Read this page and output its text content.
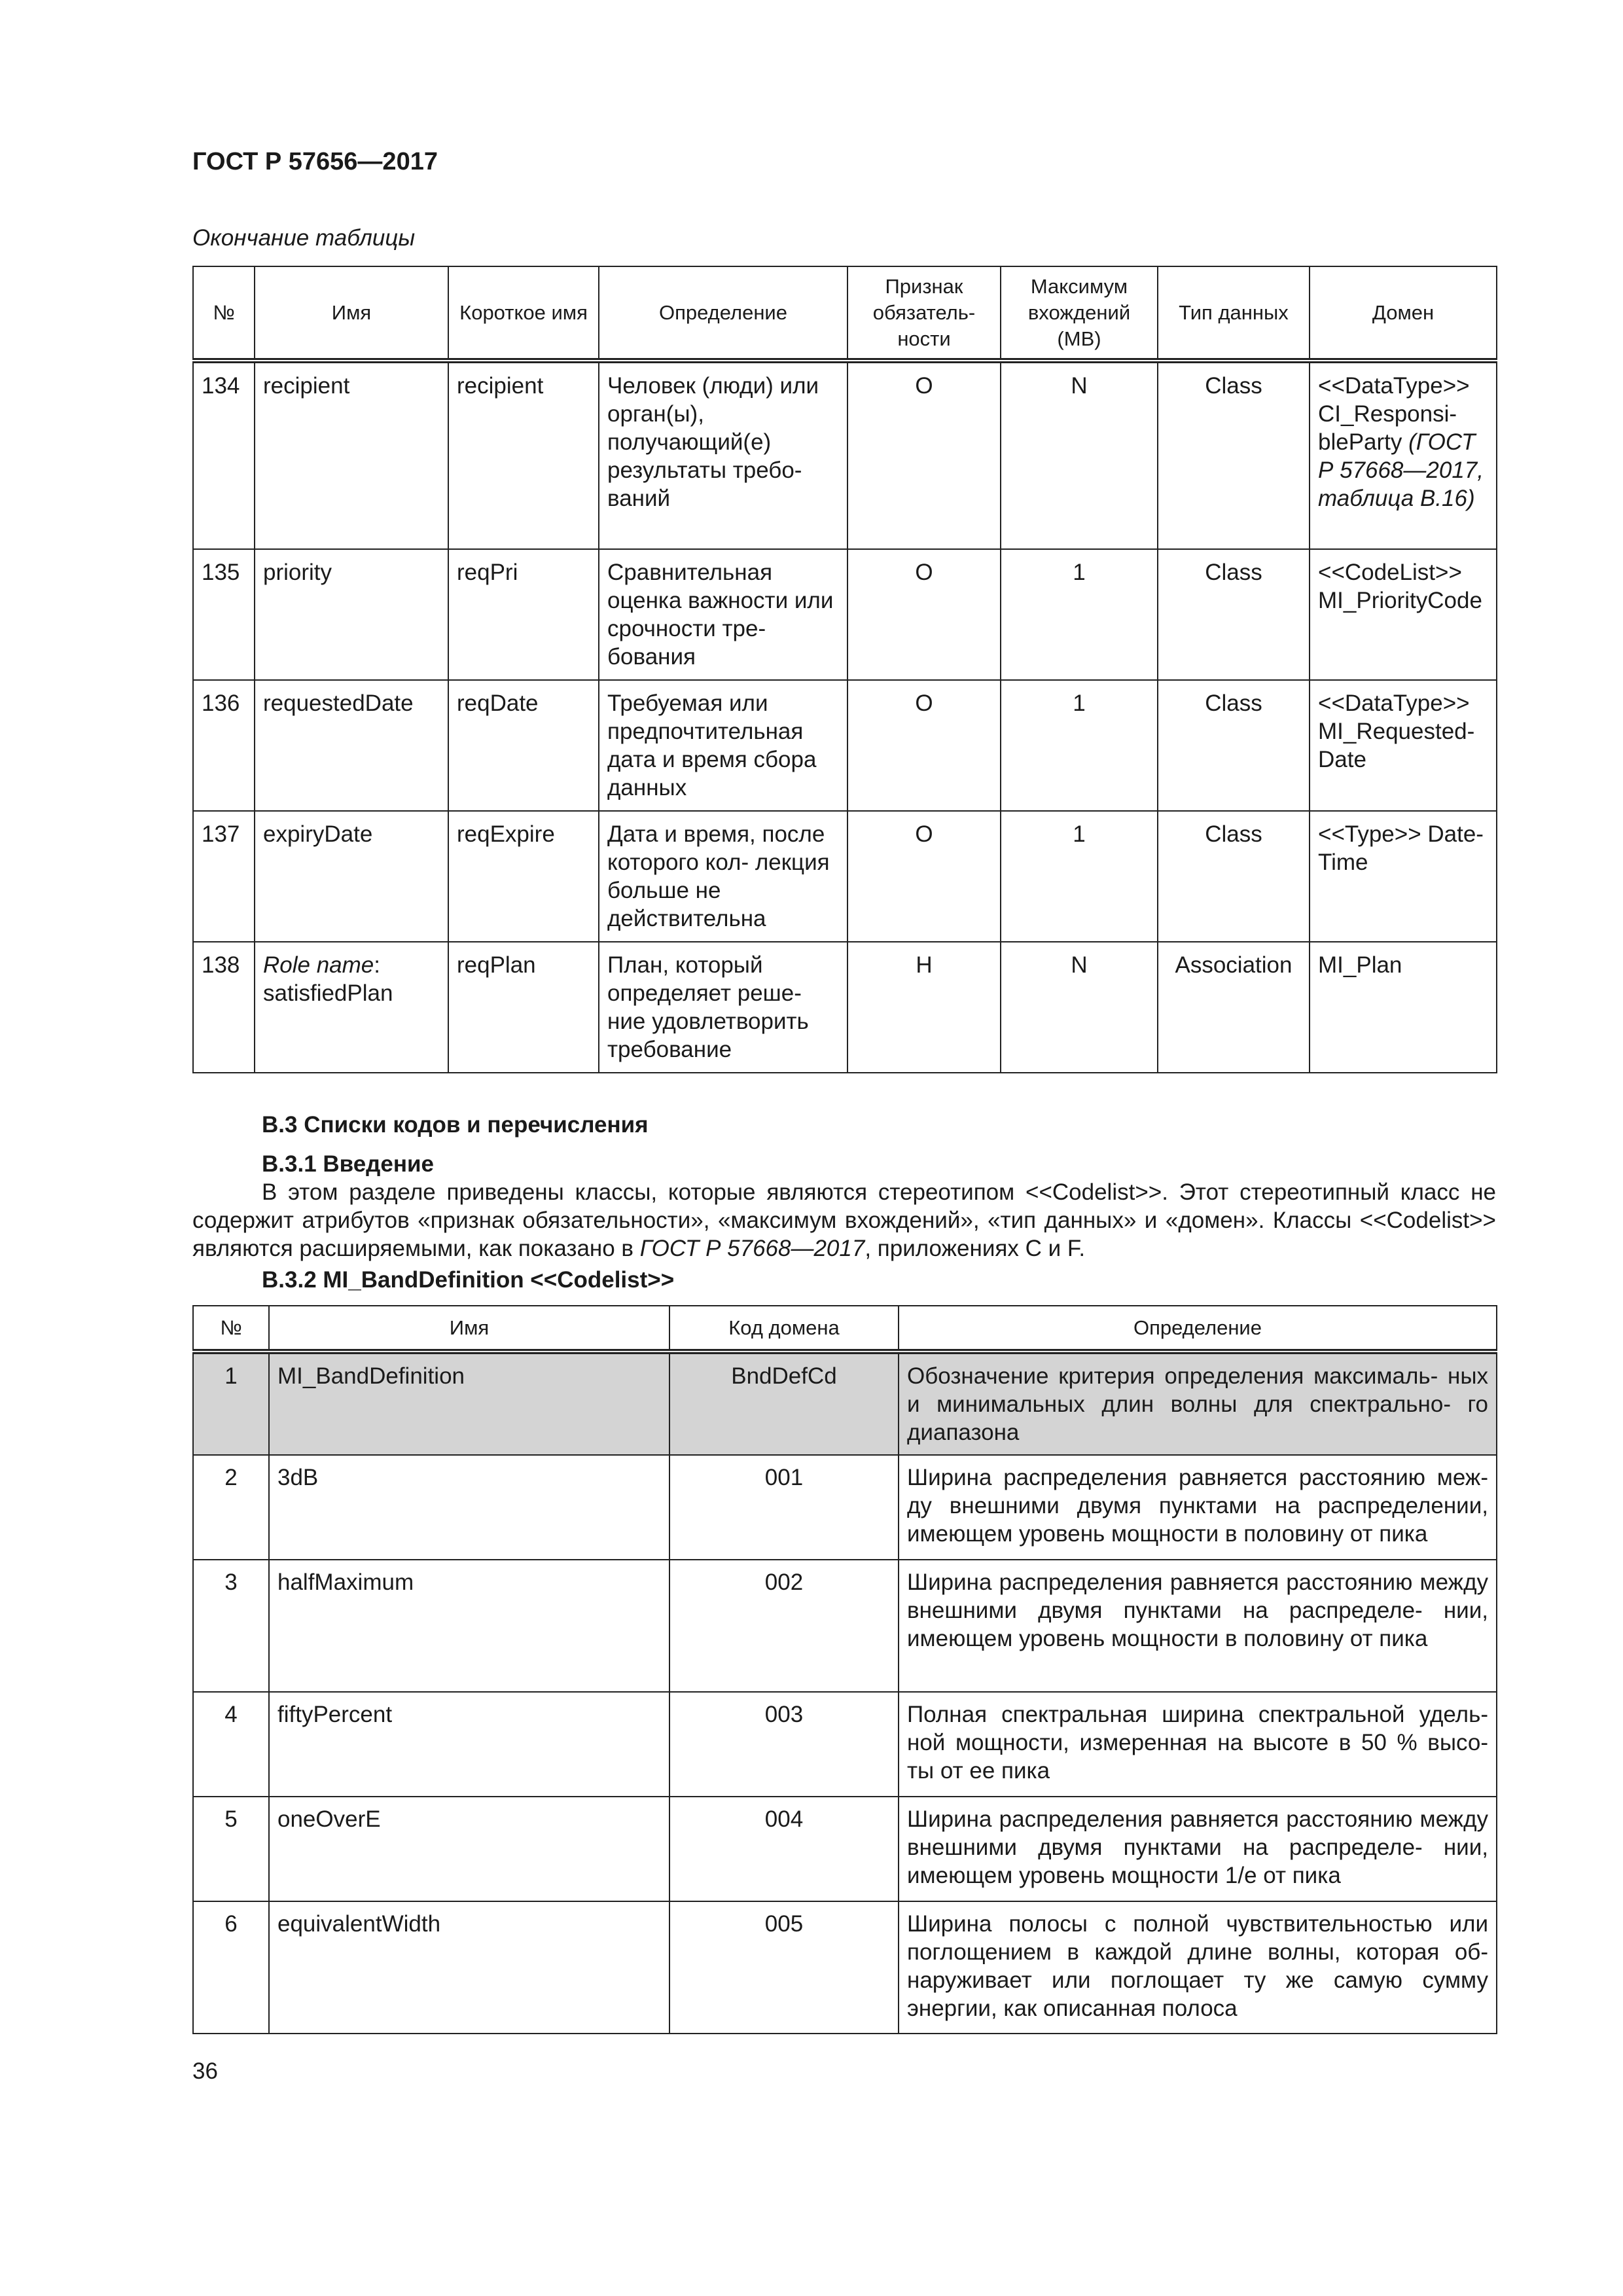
ГОСТ Р 57656—2017
Окончание таблицы
№	Имя	Короткое имя	Определение	Признак обязатель- ности	Максимум вхождений (MB)	Тип данных	Домен
134	recipient	recipient	Человек (люди) или орган(ы), получающий(е) результаты требо- ваний	O	N	Class	<<DataType>> CI_Responsi- bleParty (ГОСТ Р 57668—2017, таблица B.16)
135	priority	reqPri	Сравнительная оценка важности или срочности тре- бования	O	1	Class	<<CodeList>> MI_PriorityCode
136	requestedDate	reqDate	Требуемая или предпочтительная дата и время сбора данных	O	1	Class	<<DataType>> MI_Requested- Date
137	expiryDate	reqExpire	Дата и время, после которого кол- лекция больше не действительна	O	1	Class	<<Type>> Date- Time
138	Role name: satisfiedPlan	reqPlan	План, который определяет реше- ние удовлетворить требование	H	N	Association	MI_Plan
B.3 Списки кодов и перечисления
B.3.1 Введение
В этом разделе приведены классы, которые являются стереотипом <<Codelist>>. Этот стереотипный класс не содержит атрибутов «признак обязательности», «максимум вхождений», «тип данных» и «домен». Классы <<Codelist>> являются расширяемыми, как показано в ГОСТ Р 57668—2017, приложениях C и F.
B.3.2 MI_BandDefinition <<Codelist>>
№	Имя	Код домена	Определение
1	MI_BandDefinition	BndDefCd	Обозначение критерия определения максималь- ных и минимальных длин волны для спектрально- го диапазона
2	3dB	001	Ширина распределения равняется расстоянию меж- ду внешними двумя пунктами на распределении, имеющем уровень мощности в половину от пика
3	halfMaximum	002	Ширина распределения равняется расстоянию между внешними двумя пунктами на распределе- нии, имеющем уровень мощности в половину от пика
4	fiftyPercent	003	Полная спектральная ширина спектральной удель- ной мощности, измеренная на высоте в 50 % высо- ты от ее пика
5	oneOverE	004	Ширина распределения равняется расстоянию между внешними двумя пунктами на распределе- нии, имеющем уровень мощности 1/e от пика
6	equivalentWidth	005	Ширина полосы с полной чувствительностью или поглощением в каждой длине волны, которая об- наруживает или поглощает ту же самую сумму энергии, как описанная полоса
36
